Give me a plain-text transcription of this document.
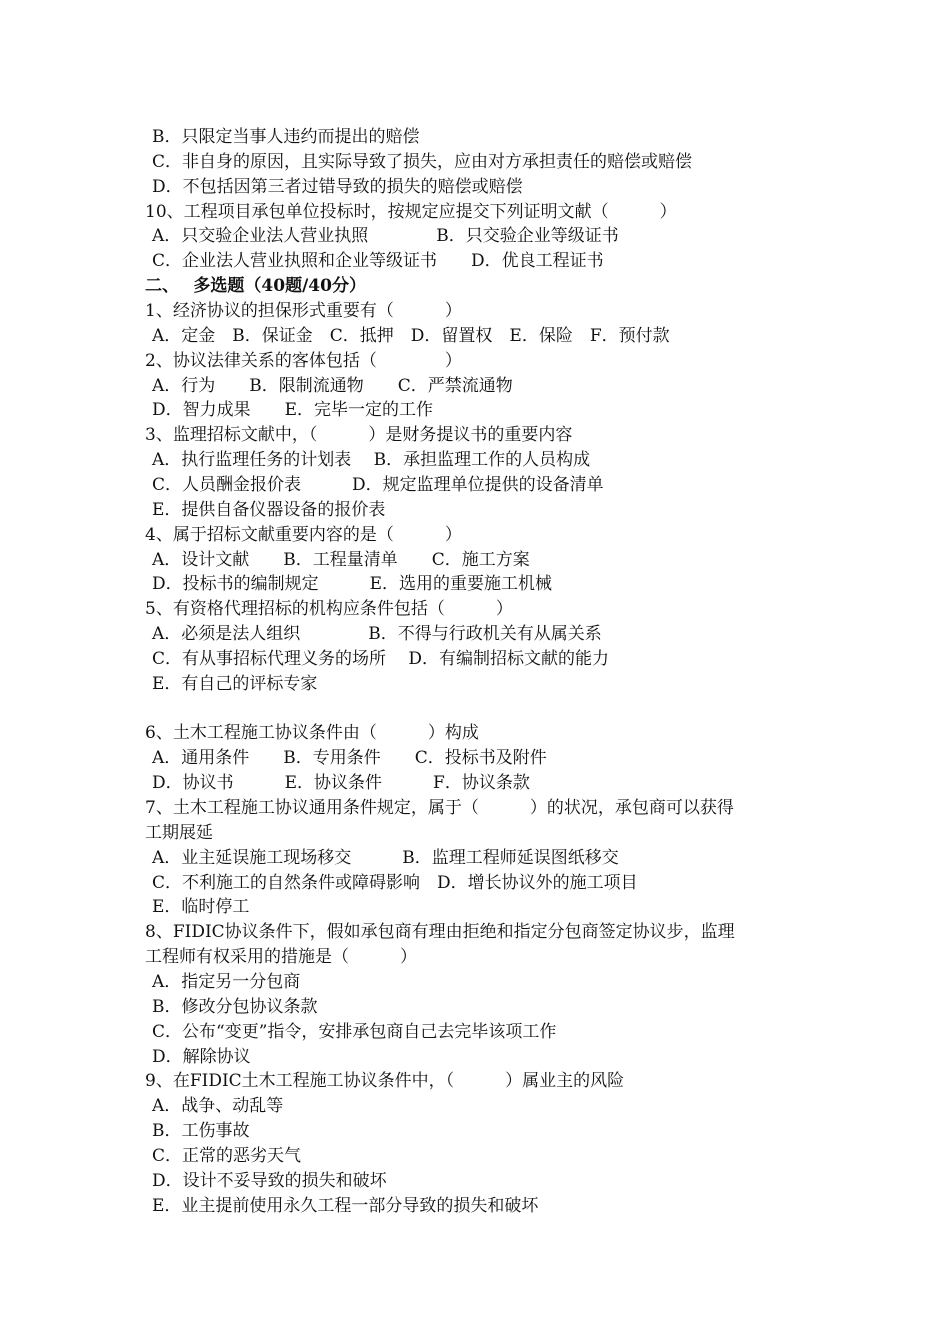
B．只限定当事人违约而提出的赔偿
C．非自身的原因，且实际导致了损失，应由对方承担责任的赔偿或赔偿
D．不包括因第三者过错导致的损失的赔偿或赔偿
10、工程项目承包单位投标时，按规定应提交下列证明文献（　　　）
A．只交验企业法人营业执照　　　　B．只交验企业等级证书
C．企业法人营业执照和企业等级证书　　D．优良工程证书
二、　 多选题（40题/40分）
1、经济协议的担保形式重要有（　　　）
A．定金　B．保证金　C．抵押　D．留置权　E．保险　F．预付款
2、协议法律关系的客体包括（　　　　）
A．行为　　B．限制流通物　　C．严禁流通物
D．智力成果　　E．完毕一定的工作
3、监理招标文献中，（　　　）是财务提议书的重要内容
A．执行监理任务的计划表　 B．承担监理工作的人员构成
C．人员酬金报价表　　　D．规定监理单位提供的设备清单
E．提供自备仪器设备的报价表
4、属于招标文献重要内容的是（　　　）
A．设计文献　　B．工程量清单　　C．施工方案
D．投标书的编制规定　　　E．选用的重要施工机械
5、有资格代理招标的机构应条件包括（　　　）
A．必须是法人组织　　　　B．不得与行政机关有从属关系
C．有从事招标代理义务的场所　 D．有编制招标文献的能力
E．有自己的评标专家
6、土木工程施工协议条件由（　　　）构成
A．通用条件　　B．专用条件　　C．投标书及附件
D．协议书　　　E．协议条件　　　F．协议条款
7、土木工程施工协议通用条件规定，属于（　　　）的状况，承包商可以获得
工期展延
A．业主延误施工现场移交　　　B．监理工程师延误图纸移交
C．不利施工的自然条件或障碍影响　D．增长协议外的施工项目
E．临时停工
8、FIDIC协议条件下，假如承包商有理由拒绝和指定分包商签定协议步，监理
工程师有权采用的措施是（　　　）
A．指定另一分包商
B．修改分包协议条款
C．公布“变更”指令，安排承包商自己去完毕该项工作
D．解除协议
9、在FIDIC土木工程施工协议条件中，（　　　）属业主的风险
A．战争、动乱等
B．工伤事故
C．正常的恶劣天气
D．设计不妥导致的损失和破坏
E．业主提前使用永久工程一部分导致的损失和破坏
